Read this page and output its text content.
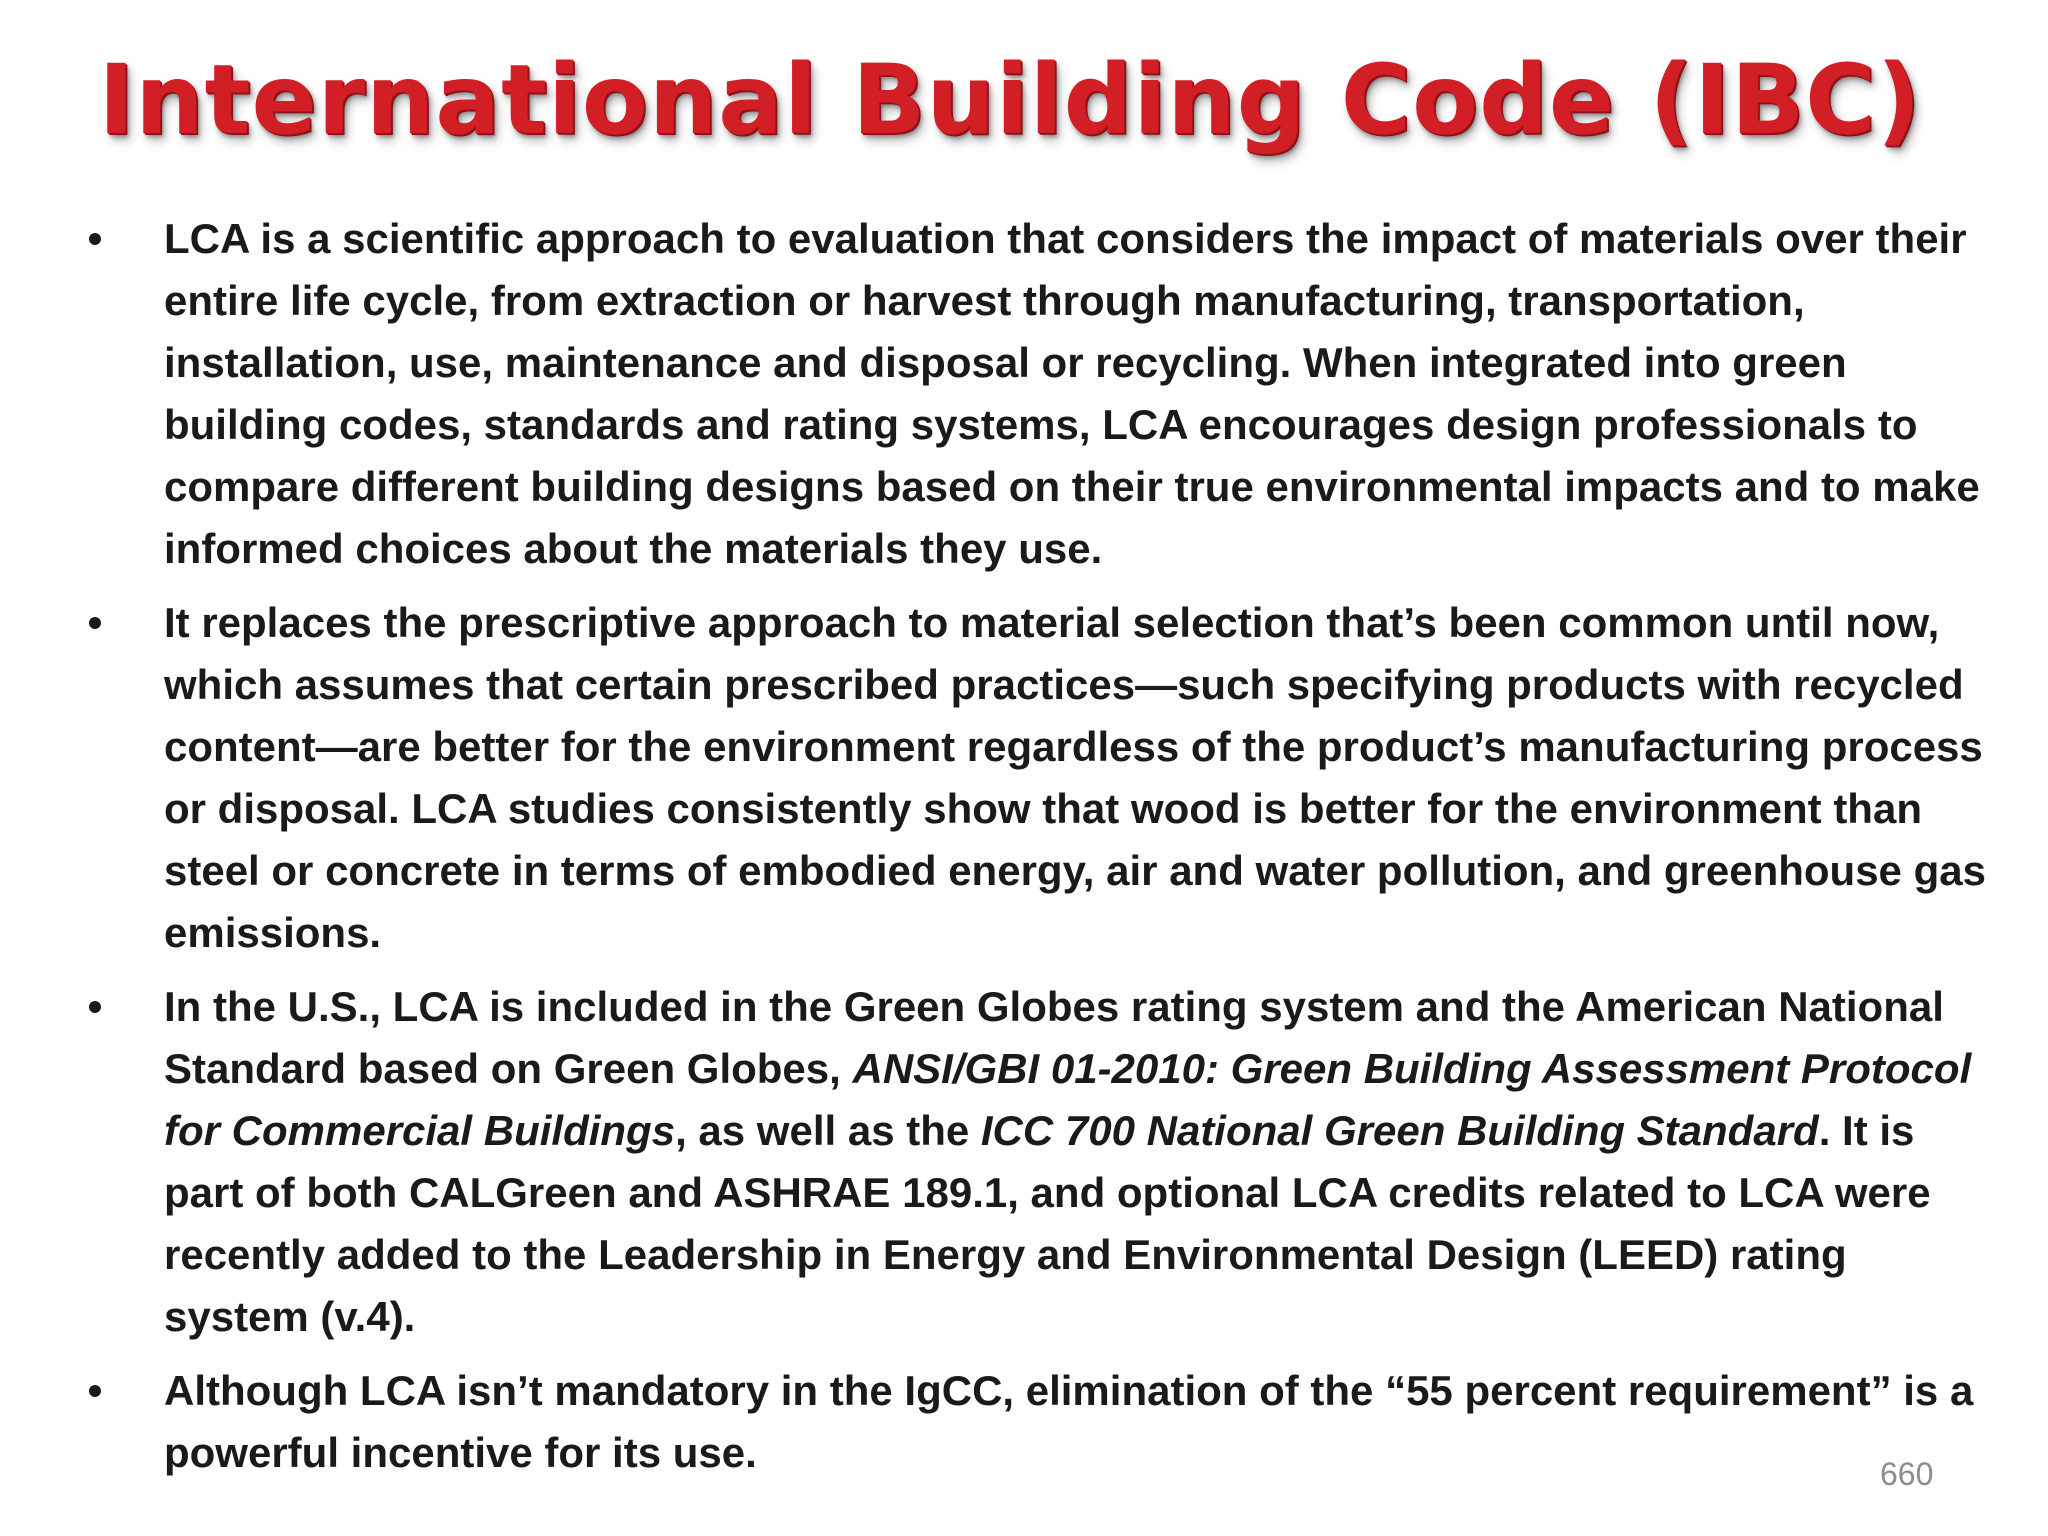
International Building Code (IBC)
• LCA is a scientific approach to evaluation that considers the impact of materials over their entire life cycle, from extraction or harvest through manufacturing, transportation, installation, use, maintenance and disposal or recycling. When integrated into green building codes, standards and rating systems, LCA encourages design professionals to compare different building designs based on their true environmental impacts and to make informed choices about the materials they use.
• It replaces the prescriptive approach to material selection that’s been common until now, which assumes that certain prescribed practices—such specifying products with recycled content—are better for the environment regardless of the product’s manufacturing process or disposal. LCA studies consistently show that wood is better for the environment than steel or concrete in terms of embodied energy, air and water pollution, and greenhouse gas emissions.
• In the U.S., LCA is included in the Green Globes rating system and the American National Standard based on Green Globes, ANSI/GBI 01-2010: Green Building Assessment Protocol for Commercial Buildings, as well as the ICC 700 National Green Building Standard. It is part of both CALGreen and ASHRAE 189.1, and optional LCA credits related to LCA were recently added to the Leadership in Energy and Environmental Design (LEED) rating system (v.4).
• Although LCA isn’t mandatory in the IgCC, elimination of the “55 percent requirement” is a powerful incentive for its use.	660
